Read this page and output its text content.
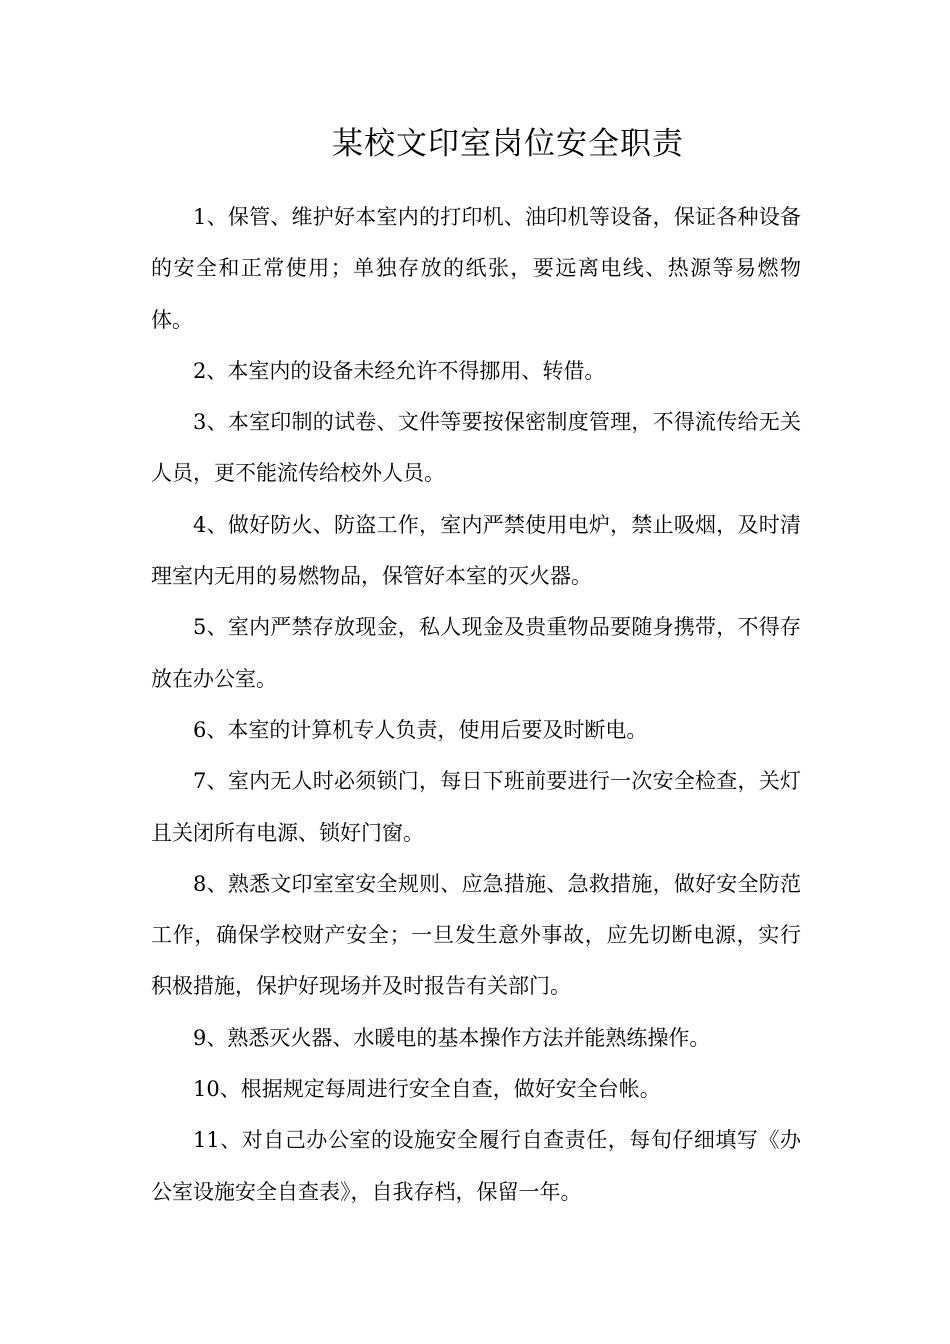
某校文印室岗位安全职责

1、保管、维护好本室内的打印机、油印机等设备，保证各种设备的安全和正常使用；单独存放的纸张，要远离电线、热源等易燃物体。

2、本室内的设备未经允许不得挪用、转借。

3、本室印制的试卷、文件等要按保密制度管理，不得流传给无关人员，更不能流传给校外人员。

4、做好防火、防盗工作，室内严禁使用电炉，禁止吸烟，及时清理室内无用的易燃物品，保管好本室的灭火器。

5、室内严禁存放现金，私人现金及贵重物品要随身携带，不得存放在办公室。

6、本室的计算机专人负责，使用后要及时断电。

7、室内无人时必须锁门，每日下班前要进行一次安全检查，关灯且关闭所有电源、锁好门窗。

8、熟悉文印室室安全规则、应急措施、急救措施，做好安全防范工作，确保学校财产安全；一旦发生意外事故，应先切断电源，实行积极措施，保护好现场并及时报告有关部门。

9、熟悉灭火器、水暖电的基本操作方法并能熟练操作。

10、根据规定每周进行安全自查，做好安全台帐。

11、对自己办公室的设施安全履行自查责任，每旬仔细填写《办公室设施安全自查表》，自我存档，保留一年。
